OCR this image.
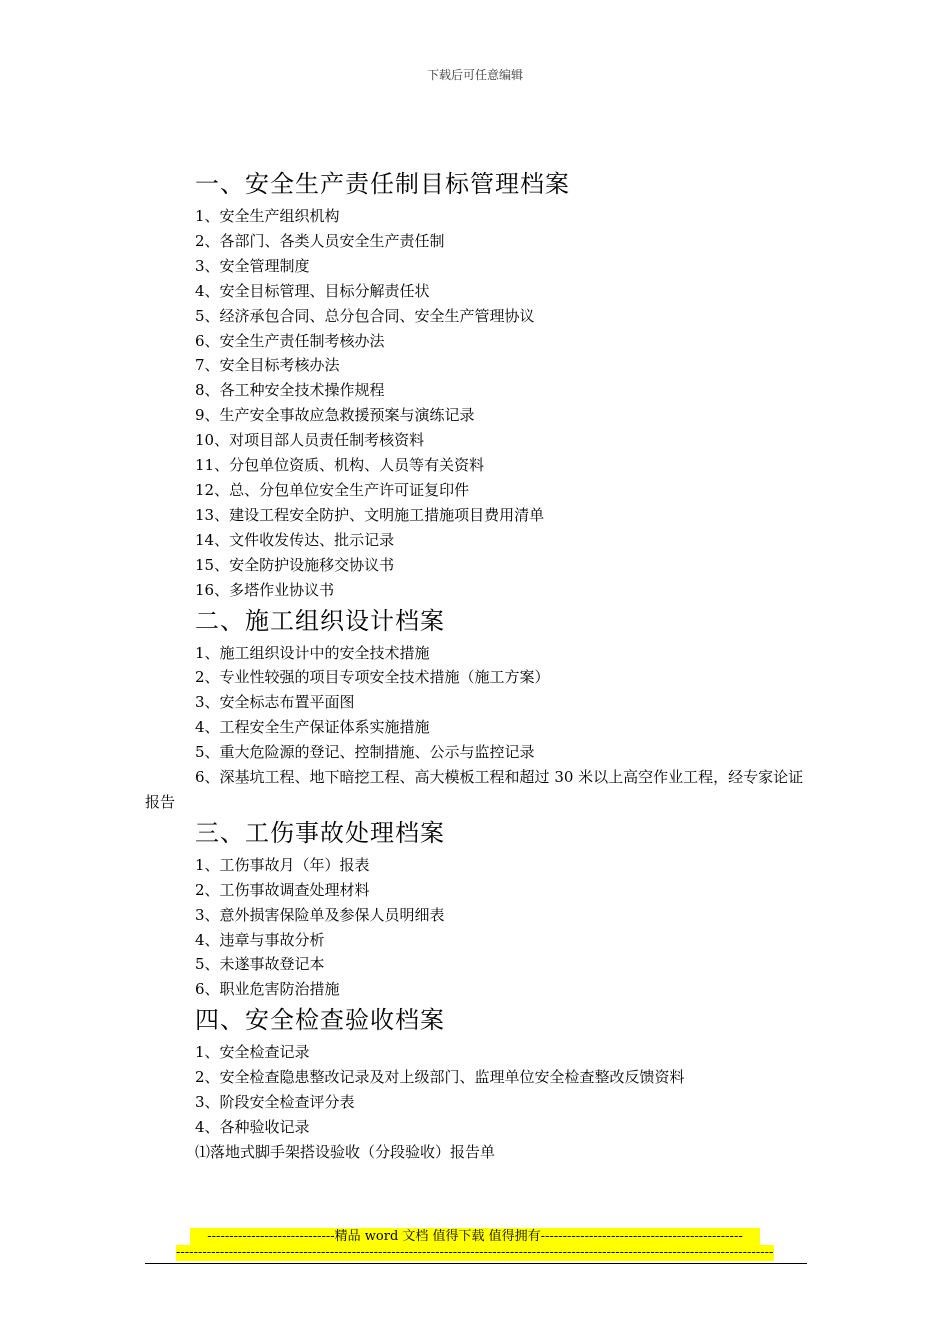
下载后可任意编辑
一、安全生产责任制目标管理档案
1、安全生产组织机构
2、各部门、各类人员安全生产责任制
3、安全管理制度
4、安全目标管理、目标分解责任状
5、经济承包合同、总分包合同、安全生产管理协议
6、安全生产责任制考核办法
7、安全目标考核办法
8、各工种安全技术操作规程
9、生产安全事故应急救援预案与演练记录
10、对项目部人员责任制考核资料
11、分包单位资质、机构、人员等有关资料
12、总、分包单位安全生产许可证复印件
13、建设工程安全防护、文明施工措施项目费用清单
14、文件收发传达、批示记录
15、安全防护设施移交协议书
16、多塔作业协议书
二、施工组织设计档案
1、施工组织设计中的安全技术措施
2、专业性较强的项目专项安全技术措施（施工方案）
3、安全标志布置平面图
4、工程安全生产保证体系实施措施
5、重大危险源的登记、控制措施、公示与监控记录
6、深基坑工程、地下暗挖工程、高大模板工程和超过 30 米以上高空作业工程，经专家论证报告
三、工伤事故处理档案
1、工伤事故月（年）报表
2、工伤事故调查处理材料
3、意外损害保险单及参保人员明细表
4、违章与事故分析
5、未遂事故登记本
6、职业危害防治措施
四、安全检查验收档案
1、安全检查记录
2、安全检查隐患整改记录及对上级部门、监理单位安全检查整改反馈资料
3、阶段安全检查评分表
4、各种验收记录
⑴落地式脚手架搭设验收（分段验收）报告单
-----------------------------精品 word 文档 值得下载 值得拥有----------------------------------------------
----------------------------------------------------------------------------------------------------------------------------------------
